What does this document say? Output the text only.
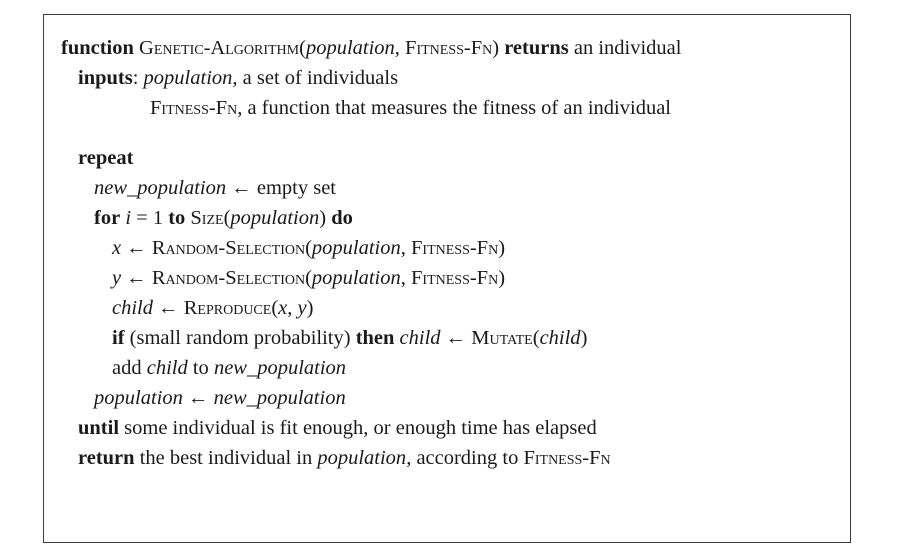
function Genetic-Algorithm(population, Fitness-Fn) returns an individual
inputs: population, a set of individuals
Fitness-Fn, a function that measures the fitness of an individual
repeat
new_population ← empty set
for i = 1 to Size(population) do
x ← Random-Selection(population, Fitness-Fn)
y ← Random-Selection(population, Fitness-Fn)
child ← Reproduce(x, y)
if (small random probability) then child ← Mutate(child)
add child to new_population
population ← new_population
until some individual is fit enough, or enough time has elapsed
return the best individual in population, according to Fitness-Fn
